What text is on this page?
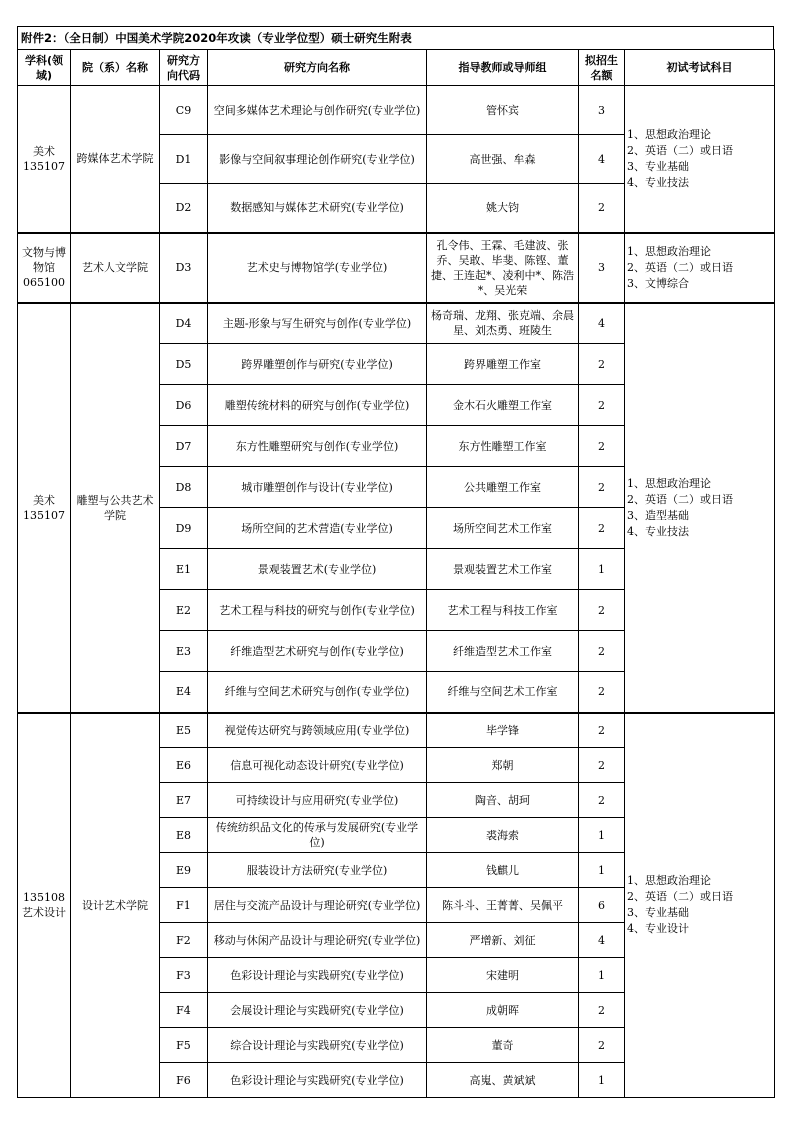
附件2：（全日制）中国美术学院2020年攻读（专业学位型）硕士研究生附表
学科(领域)	院（系）名称	研究方向代码	研究方向名称	指导教师或导师组	拟招生名额	初试考试科目
美术
135107	跨媒体艺术学院	C9	空间多媒体艺术理论与创作研究(专业学位)	管怀宾	3	1、思想政治理论
2、英语（二）或日语
3、专业基础
4、专业技法
		D1	影像与空间叙事理论创作研究(专业学位)	高世强、牟森	4	
		D2	数据感知与媒体艺术研究(专业学位)	姚大钧	2	
文物与博物馆
065100	艺术人文学院	D3	艺术史与博物馆学(专业学位)	孔令伟、王霖、毛建波、张乔、吴敢、毕斐、陈铿、董捷、王连起*、凌利中*、陈浩*、吴光荣	3	1、思想政治理论
2、英语（二）或日语
3、文博综合
美术
135107	雕塑与公共艺术学院	D4	主题-形象与写生研究与创作(专业学位)	杨奇瑞、龙翔、张克端、余晨星、刘杰勇、班陵生	4	1、思想政治理论
2、英语（二）或日语
3、造型基础
4、专业技法
		D5	跨界雕塑创作与研究(专业学位)	跨界雕塑工作室	2	
		D6	雕塑传统材料的研究与创作(专业学位)	金木石火雕塑工作室	2	
		D7	东方性雕塑研究与创作(专业学位)	东方性雕塑工作室	2	
		D8	城市雕塑创作与设计(专业学位)	公共雕塑工作室	2	
		D9	场所空间的艺术营造(专业学位)	场所空间艺术工作室	2	
		E1	景观装置艺术(专业学位)	景观装置艺术工作室	1	
		E2	艺术工程与科技的研究与创作(专业学位)	艺术工程与科技工作室	2	
		E3	纤维造型艺术研究与创作(专业学位)	纤维造型艺术工作室	2	
		E4	纤维与空间艺术研究与创作(专业学位)	纤维与空间艺术工作室	2	
135108艺术设计	设计艺术学院	E5	视觉传达研究与跨领域应用(专业学位)	毕学锋	2	1、思想政治理论
2、英语（二）或日语
3、专业基础
4、专业设计
		E6	信息可视化动态设计研究(专业学位)	郑朝	2	
		E7	可持续设计与应用研究(专业学位)	陶音、胡珂	2	
		E8	传统纺织品文化的传承与发展研究(专业学位)	裘海索	1	
		E9	服装设计方法研究(专业学位)	钱麒儿	1	
		F1	居住与交流产品设计与理论研究(专业学位)	陈斗斗、王菁菁、吴佩平	6	
		F2	移动与休闲产品设计与理论研究(专业学位)	严增新、刘征	4	
		F3	色彩设计理论与实践研究(专业学位)	宋建明	1	
		F4	会展设计理论与实践研究(专业学位)	成朝晖	2	
		F5	综合设计理论与实践研究(专业学位)	董奇	2	
		F6	色彩设计理论与实践研究(专业学位)	高嵬、黄斌斌	1	
